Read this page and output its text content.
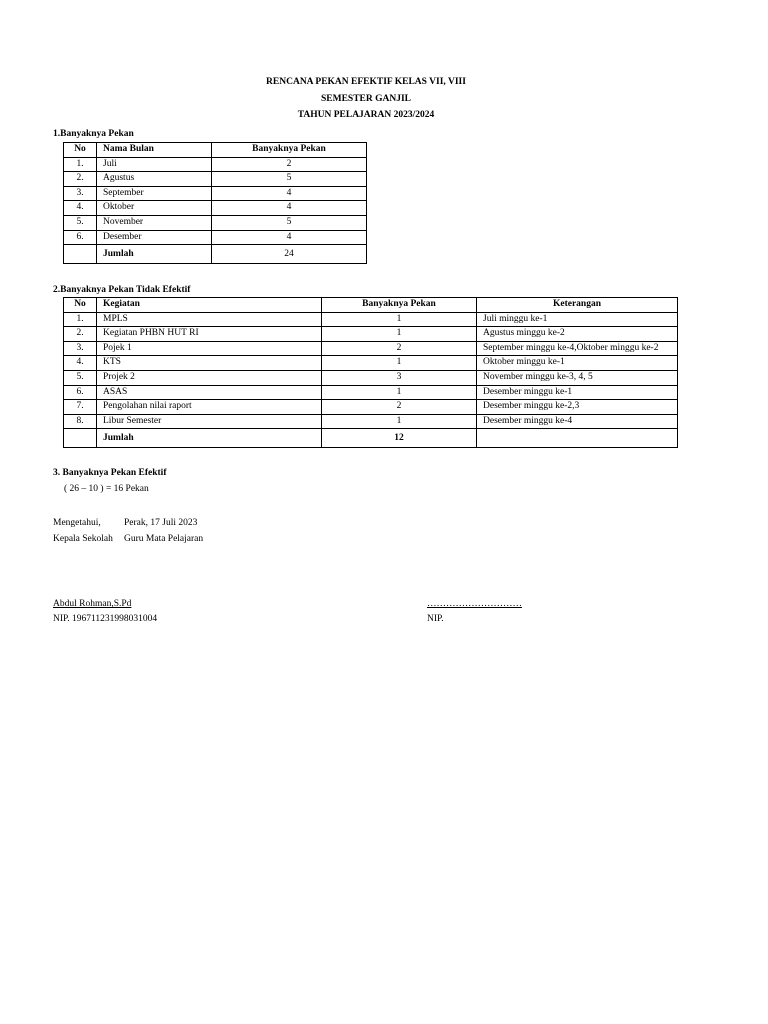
RENCANA PEKAN EFEKTIF KELAS VII, VIII
SEMESTER GANJIL
TAHUN PELAJARAN 2023/2024
1.Banyaknya Pekan
No	Nama Bulan	Banyaknya Pekan
1.	Juli	2
2.	Agustus	5
3.	September	4
4.	Oktober	4
5.	November	5
6.	Desember	4
	Jumlah	24
2.Banyaknya Pekan Tidak Efektif
No	Kegiatan	Banyaknya Pekan	Keterangan
1.	MPLS	1	Juli minggu ke-1
2.	Kegiatan PHBN HUT RI	1	Agustus minggu ke-2
3.	Pojek 1	2	September minggu ke-4,Oktober minggu ke-2
4.	KTS	1	Oktober minggu ke-1
5.	Projek 2	3	November minggu ke-3, 4, 5
6.	ASAS	1	Desember minggu ke-1
7.	Pengolahan nilai raport	2	Desember minggu ke-2,3
8.	Libur Semester	1	Desember minggu ke-4
	Jumlah	12	
3. Banyaknya Pekan Efektif
( 26 – 10 ) = 16 Pekan
Mengetahui, Perak, 17 Juli 2023
Kepala Sekolah Guru Mata Pelajaran
Abdul Rohman,S.Pd
NIP. 196711231998031004
…………………………
NIP.
